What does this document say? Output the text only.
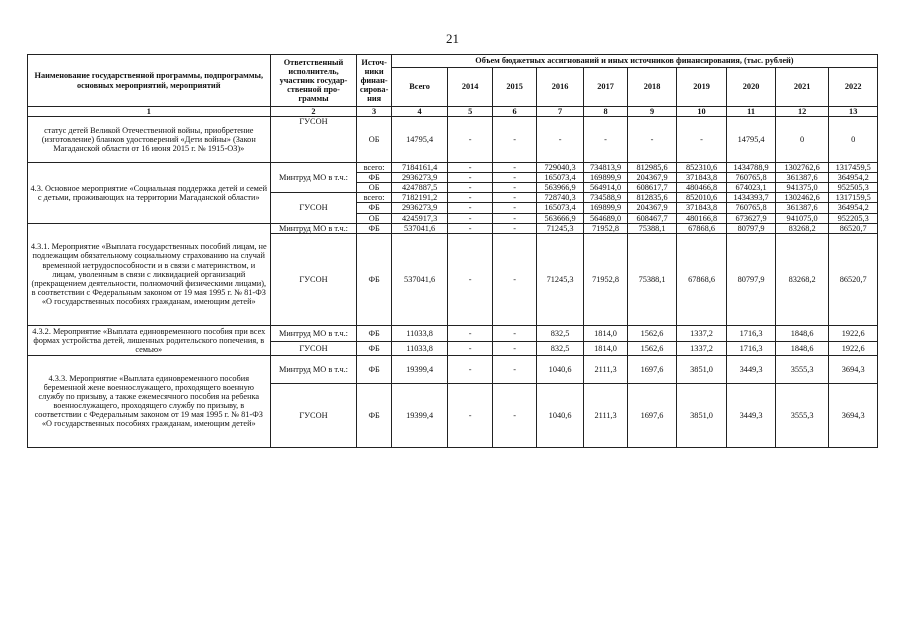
21
Наименование государственной программы, подпрограммы, основных мероприятий, мероприятий	Ответственный исполнитель, участник государ-ственной про-граммы	Источ-ники финан-сирова-ния	Объем бюджетных ассигнований и иных источников финансирования, (тыс. рублей)									
			Всего	2014	2015	2016	2017	2018	2019	2020	2021	2022
1	2	3	4	5	6	7	8	9	10	11	12	13
статус детей Великой Отечественной войны, приобретение (изготовление) бланков удостоверений «Дети войны» (Закон Магаданской области от 16 июня 2015 г. № 1915-ОЗ)»	ГУСОН	ОБ	14795,4	-	-	-	-	-	-	14795,4	0	0
4.3. Основное мероприятие «Социальная поддержка детей и семей с детьми, проживающих на территории Магаданской области»	Минтруд МО в т.ч.:	всего:	7184161,4	-	-	729040,3	734813,9	812985,6	852310,6	1434788,9	1302762,6	1317459,5
		ФБ	2936273,9	-	-	165073,4	169899,9	204367,9	371843,8	760765,8	361387,6	364954,2
		ОБ	4247887,5	-	-	563966,9	564914,0	608617,7	480466,8	674023,1	941375,0	952505,3
	ГУСОН	всего:	7182191,2	-	-	728740,3	734588,9	812835,6	852010,6	1434393,7	1302462,6	1317159,5
		ФБ	2936273,9	-	-	165073,4	169899,9	204367,9	371843,8	760765,8	361387,6	364954,2
		ОБ	4245917,3	-	-	563666,9	564689,0	608467,7	480166,8	673627,9	941075,0	952205,3
4.3.1. Мероприятие «Выплата государственных пособий лицам, не подлежащим обязательному социальному страхованию на случай временной нетрудоспособности и в связи с материнством, и лицам, уволенным в связи с ликвидацией организаций (прекращением деятельности, полномочий физическими лицами), в соответствии с Федеральным законом от 19 мая 1995 г. № 81-ФЗ «О государственных пособиях гражданам, имеющим детей»	Минтруд МО в т.ч.:	ФБ	537041,6	-	-	71245,3	71952,8	75388,1	67868,6	80797,9	83268,2	86520,7
	ГУСОН	ФБ	537041,6	-	-	71245,3	71952,8	75388,1	67868,6	80797,9	83268,2	86520,7
4.3.2. Мероприятие «Выплата единовременного пособия при всех формах устройства детей, лишенных родительского попечения, в семью»	Минтруд МО в т.ч.:	ФБ	11033,8	-	-	832,5	1814,0	1562,6	1337,2	1716,3	1848,6	1922,6
	ГУСОН	ФБ	11033,8	-	-	832,5	1814,0	1562,6	1337,2	1716,3	1848,6	1922,6
4.3.3. Мероприятие «Выплата единовременного пособия беременной жене военнослужащего, проходящего военную службу по призыву, а также ежемесячного пособия на ребенка военнослужащего, проходящего службу по призыву, в соответствии с Федеральным законом от 19 мая 1995 г. № 81-ФЗ «О государственных пособиях гражданам, имеющим детей»	Минтруд МО в т.ч.:	ФБ	19399,4	-	-	1040,6	2111,3	1697,6	3851,0	3449,3	3555,3	3694,3
	ГУСОН	ФБ	19399,4	-	-	1040,6	2111,3	1697,6	3851,0	3449,3	3555,3	3694,3
